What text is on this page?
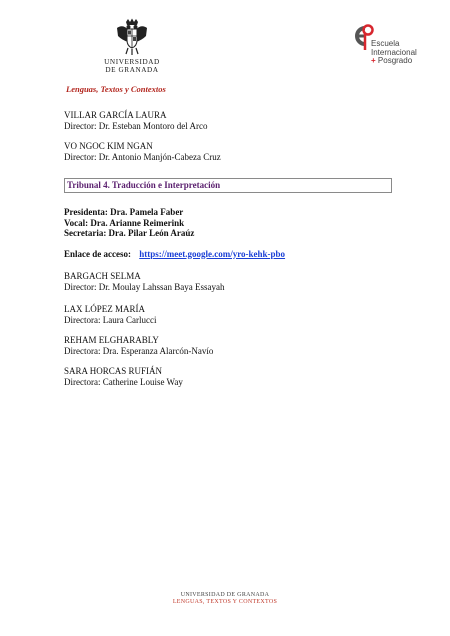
UNIVERSIDAD
DE GRANADA
Lenguas, Textos y Contextos
Escuela
Internacional
+ Posgrado
VILLAR GARCÍA LAURA
Director: Dr. Esteban Montoro del Arco
VO NGOC KIM NGAN
Director: Dr. Antonio Manjón-Cabeza Cruz
Tribunal 4. Traducción e Interpretación
Presidenta: Dra. Pamela Faber
Vocal: Dra. Arianne Reimerink
Secretaria: Dra. Pilar León Araúz
Enlace de acceso: https://meet.google.com/yro-kehk-pbo
BARGACH SELMA
Director: Dr. Moulay Lahssan Baya Essayah
LAX LÓPEZ MARÍA
Directora: Laura Carlucci
REHAM ELGHARABLY
Directora: Dra. Esperanza Alarcón-Navío
SARA HORCAS RUFIÁN
Directora: Catherine Louise Way
UNIVERSIDAD DE GRANADA
LENGUAS, TEXTOS Y CONTEXTOS
